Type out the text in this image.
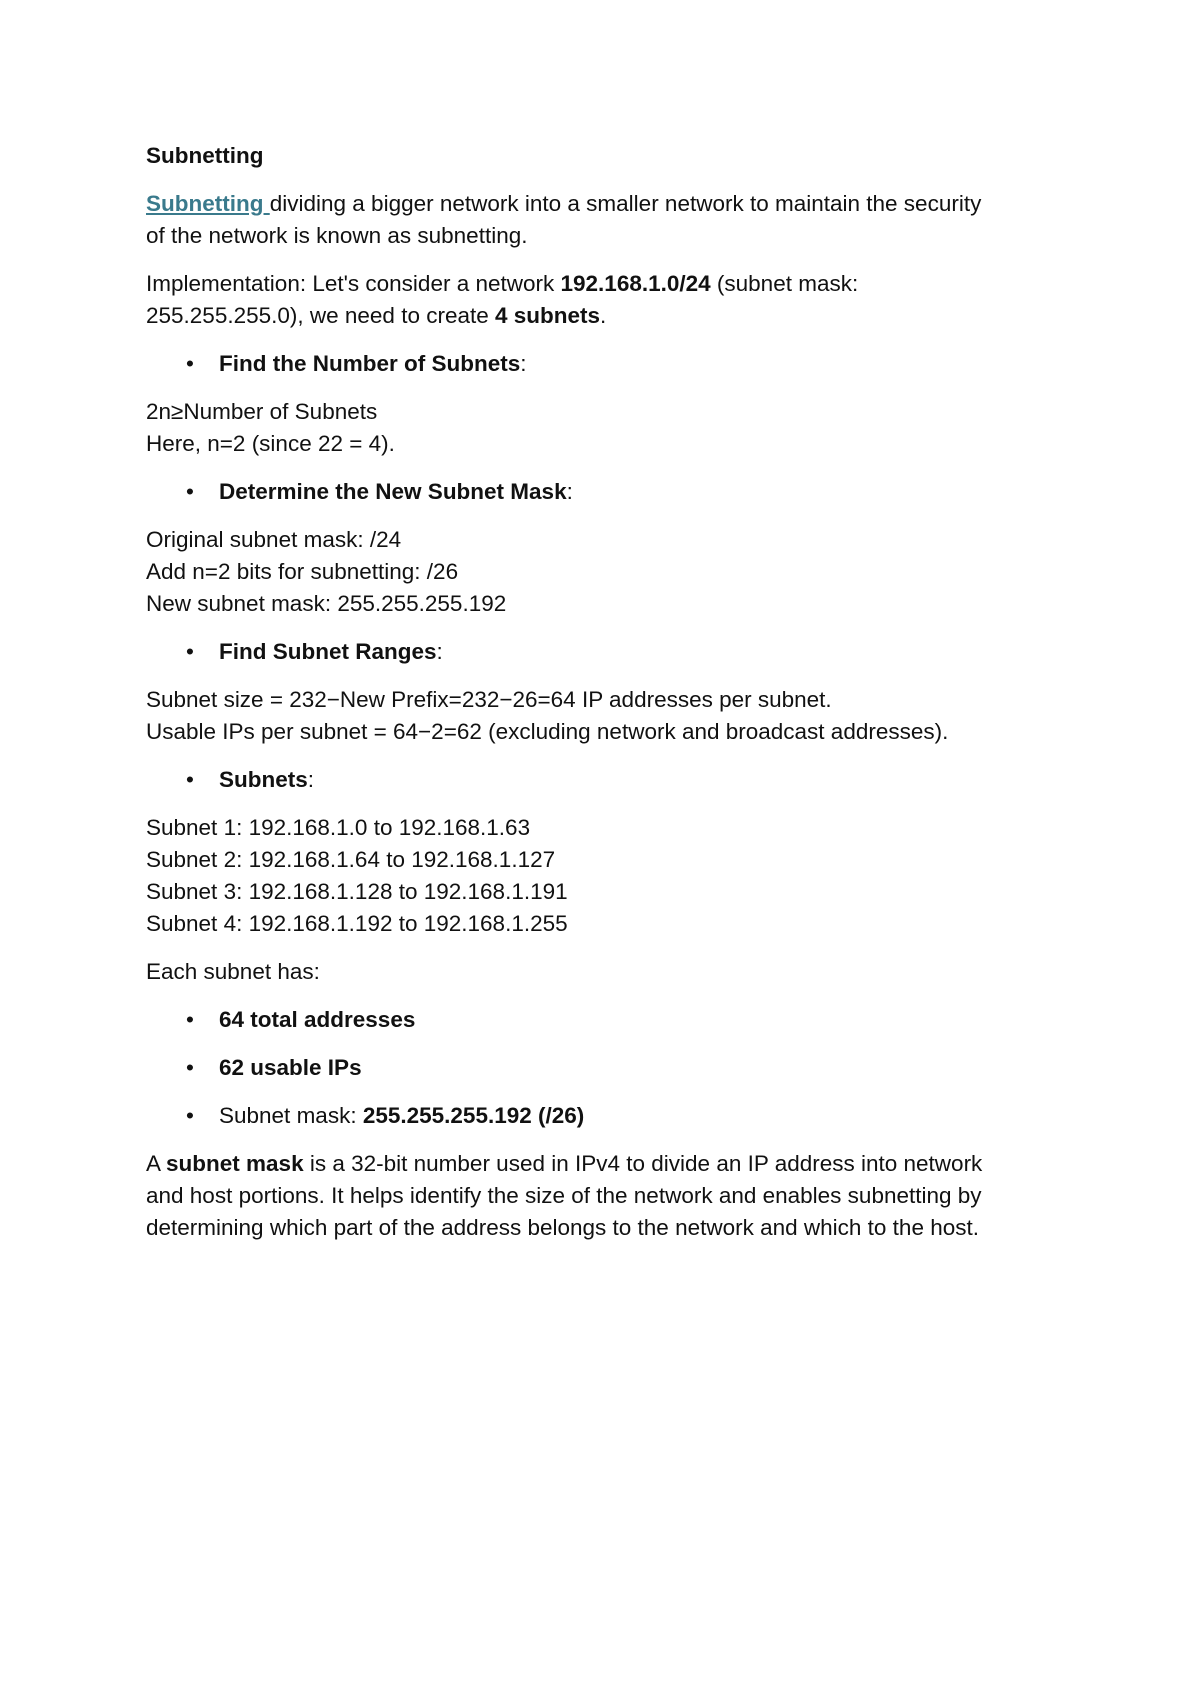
Subnetting

Subnetting dividing a bigger network into a smaller network to maintain the security
of the network is known as subnetting.

Implementation: Let's consider a network 192.168.1.0/24 (subnet mask:
255.255.255.0), we need to create 4 subnets.

• Find the Number of Subnets:

2n≥Number of Subnets
Here, n=2 (since 22 = 4).

• Determine the New Subnet Mask:

Original subnet mask: /24
Add n=2 bits for subnetting: /26
New subnet mask: 255.255.255.192

• Find Subnet Ranges:

Subnet size = 232−New Prefix=232−26=64 IP addresses per subnet.
Usable IPs per subnet = 64−2=62 (excluding network and broadcast addresses).

• Subnets:

Subnet 1: 192.168.1.0 to 192.168.1.63
Subnet 2: 192.168.1.64 to 192.168.1.127
Subnet 3: 192.168.1.128 to 192.168.1.191
Subnet 4: 192.168.1.192 to 192.168.1.255

Each subnet has:

• 64 total addresses
• 62 usable IPs
• Subnet mask: 255.255.255.192 (/26)

A subnet mask is a 32-bit number used in IPv4 to divide an IP address into network
and host portions. It helps identify the size of the network and enables subnetting by
determining which part of the address belongs to the network and which to the host.
